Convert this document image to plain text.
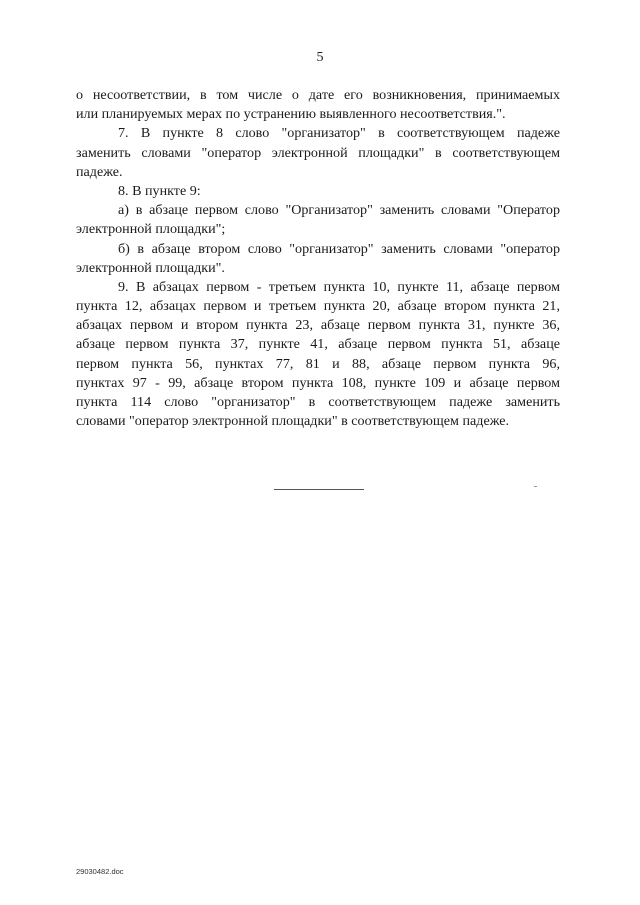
5
о несоответствии, в том числе о дате его возникновения, принимаемых
или планируемых мерах по устранению выявленного несоответствия.".
7. В пункте 8 слово "организатор" в соответствующем падеже
заменить словами "оператор электронной площадки" в соответствующем
падеже.
8. В пункте 9:
а) в абзаце первом слово "Организатор" заменить словами "Оператор
электронной площадки";
б) в абзаце втором слово "организатор" заменить словами "оператор
электронной площадки".
9. В абзацах первом - третьем пункта 10, пункте 11, абзаце первом
пункта 12, абзацах первом и третьем пункта 20, абзаце втором пункта 21,
абзацах первом и втором пункта 23, абзаце первом пункта 31, пункте 36,
абзаце первом пункта 37, пункте 41, абзаце первом пункта 51, абзаце
первом пункта 56, пунктах 77, 81 и 88, абзаце первом пункта 96,
пунктах 97 - 99, абзаце втором пункта 108, пункте 109 и абзаце первом
пункта 114 слово "организатор" в соответствующем падеже заменить
словами "оператор электронной площадки" в соответствующем падеже.
29030482.doc
